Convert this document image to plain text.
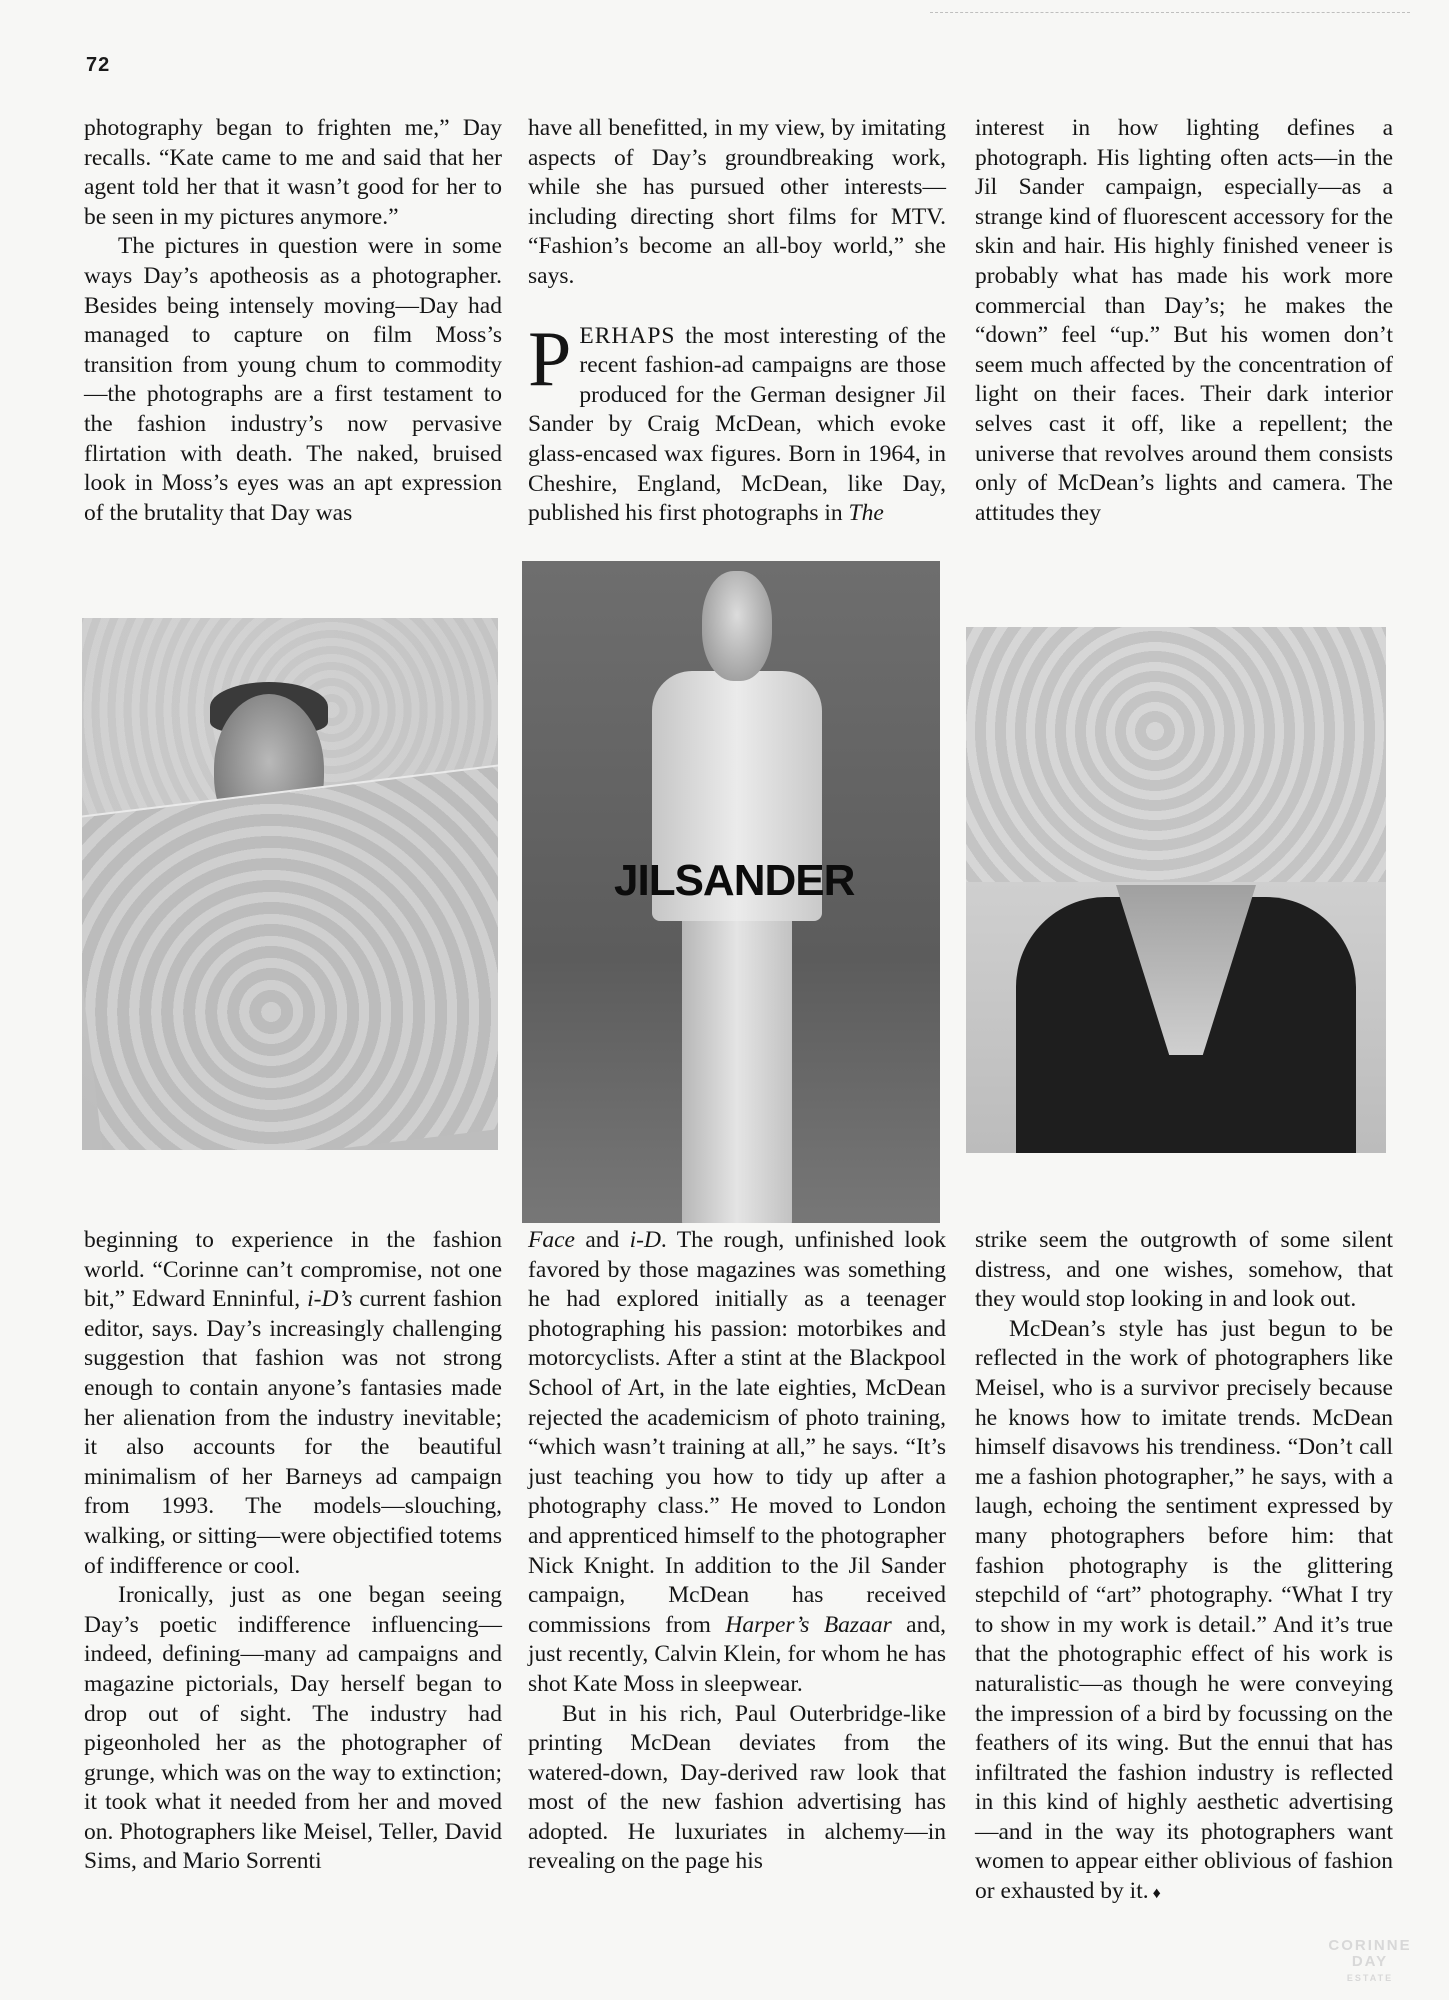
72

photography began to frighten me,” Day recalls. “Kate came to me and said that her agent told her that it wasn’t good for her to be seen in my pictures anymore.”

The pictures in question were in some ways Day’s apotheosis as a photographer. Besides being intensely moving—Day had managed to capture on film Moss’s transition from young chum to commodity—the photographs are a first testament to the fashion industry’s now pervasive flirtation with death. The naked, bruised look in Moss’s eyes was an apt expression of the brutality that Day was

have all benefitted, in my view, by imitating aspects of Day’s groundbreaking work, while she has pursued other interests—including directing short films for MTV. “Fashion’s become an all-boy world,” she says.

PERHAPS the most interesting of the recent fashion-ad campaigns are those produced for the German designer Jil Sander by Craig McDean, which evoke glass-encased wax figures. Born in 1964, in Cheshire, England, McDean, like Day, published his first photographs in The

interest in how lighting defines a photograph. His lighting often acts—in the Jil Sander campaign, especially—as a strange kind of fluorescent accessory for the skin and hair. His highly finished veneer is probably what has made his work more commercial than Day’s; he makes the “down” feel “up.” But his women don’t seem much affected by the concentration of light on their faces. Their dark interior selves cast it off, like a repellent; the universe that revolves around them consists only of McDean’s lights and camera. The attitudes they

JILSANDER

beginning to experience in the fashion world. “Corinne can’t compromise, not one bit,” Edward Enninful, i-D’s current fashion editor, says. Day’s increasingly challenging suggestion that fashion was not strong enough to contain anyone’s fantasies made her alienation from the industry inevitable; it also accounts for the beautiful minimalism of her Barneys ad campaign from 1993. The models—slouching, walking, or sitting—were objectified totems of indifference or cool.

Ironically, just as one began seeing Day’s poetic indifference influencing—indeed, defining—many ad campaigns and magazine pictorials, Day herself began to drop out of sight. The industry had pigeonholed her as the photographer of grunge, which was on the way to extinction; it took what it needed from her and moved on. Photographers like Meisel, Teller, David Sims, and Mario Sorrenti

Face and i-D. The rough, unfinished look favored by those magazines was something he had explored initially as a teenager photographing his passion: motorbikes and motorcyclists. After a stint at the Blackpool School of Art, in the late eighties, McDean rejected the academicism of photo training, “which wasn’t training at all,” he says. “It’s just teaching you how to tidy up after a photography class.” He moved to London and apprenticed himself to the photographer Nick Knight. In addition to the Jil Sander campaign, McDean has received commissions from Harper’s Bazaar and, just recently, Calvin Klein, for whom he has shot Kate Moss in sleepwear.

But in his rich, Paul Outerbridge-like printing McDean deviates from the watered-down, Day-derived raw look that most of the new fashion advertising has adopted. He luxuriates in alchemy—in revealing on the page his

strike seem the outgrowth of some silent distress, and one wishes, somehow, that they would stop looking in and look out.

McDean’s style has just begun to be reflected in the work of photographers like Meisel, who is a survivor precisely because he knows how to imitate trends. McDean himself disavows his trendiness. “Don’t call me a fashion photographer,” he says, with a laugh, echoing the sentiment expressed by many photographers before him: that fashion photography is the glittering stepchild of “art” photography. “What I try to show in my work is detail.” And it’s true that the photographic effect of his work is naturalistic—as though he were conveying the impression of a bird by focussing on the feathers of its wing. But the ennui that has infiltrated the fashion industry is reflected in this kind of highly aesthetic advertising—and in the way its photographers want women to appear either oblivious of fashion or exhausted by it. ♦

CORINNE
DAY
ESTATE
